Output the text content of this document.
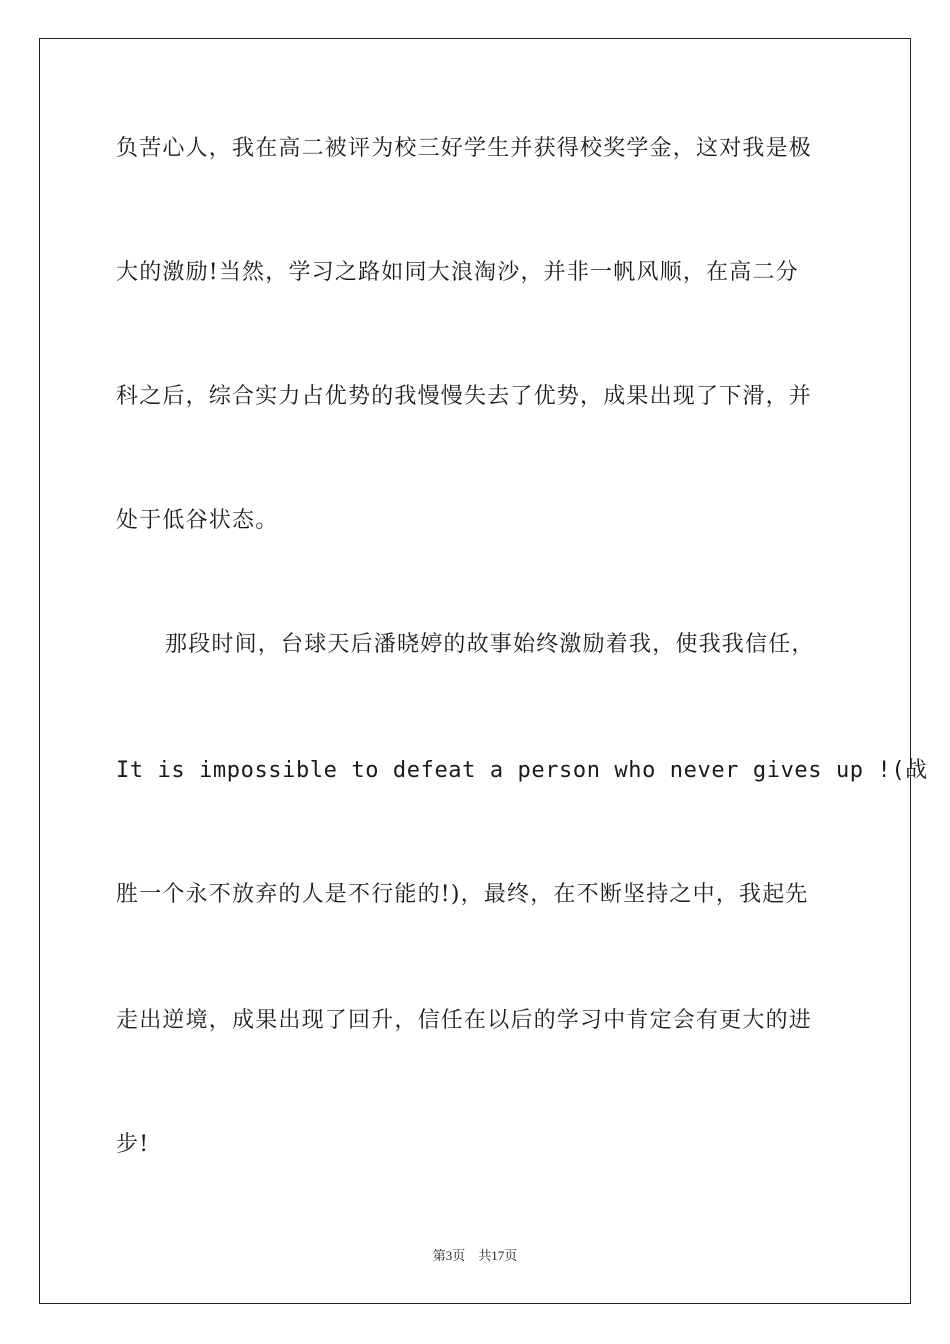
负苦心人，我在高二被评为校三好学生并获得校奖学金，这对我是极
大的激励!当然，学习之路如同大浪淘沙，并非一帆风顺，在高二分
科之后，综合实力占优势的我慢慢失去了优势，成果出现了下滑，并
处于低谷状态。
那段时间，台球天后潘晓婷的故事始终激励着我，使我我信任，
It is impossible to defeat a person who never gives up !(战
胜一个永不放弃的人是不行能的!)，最终，在不断坚持之中，我起先
走出逆境，成果出现了回升，信任在以后的学习中肯定会有更大的进
步!
第3页　共17页
